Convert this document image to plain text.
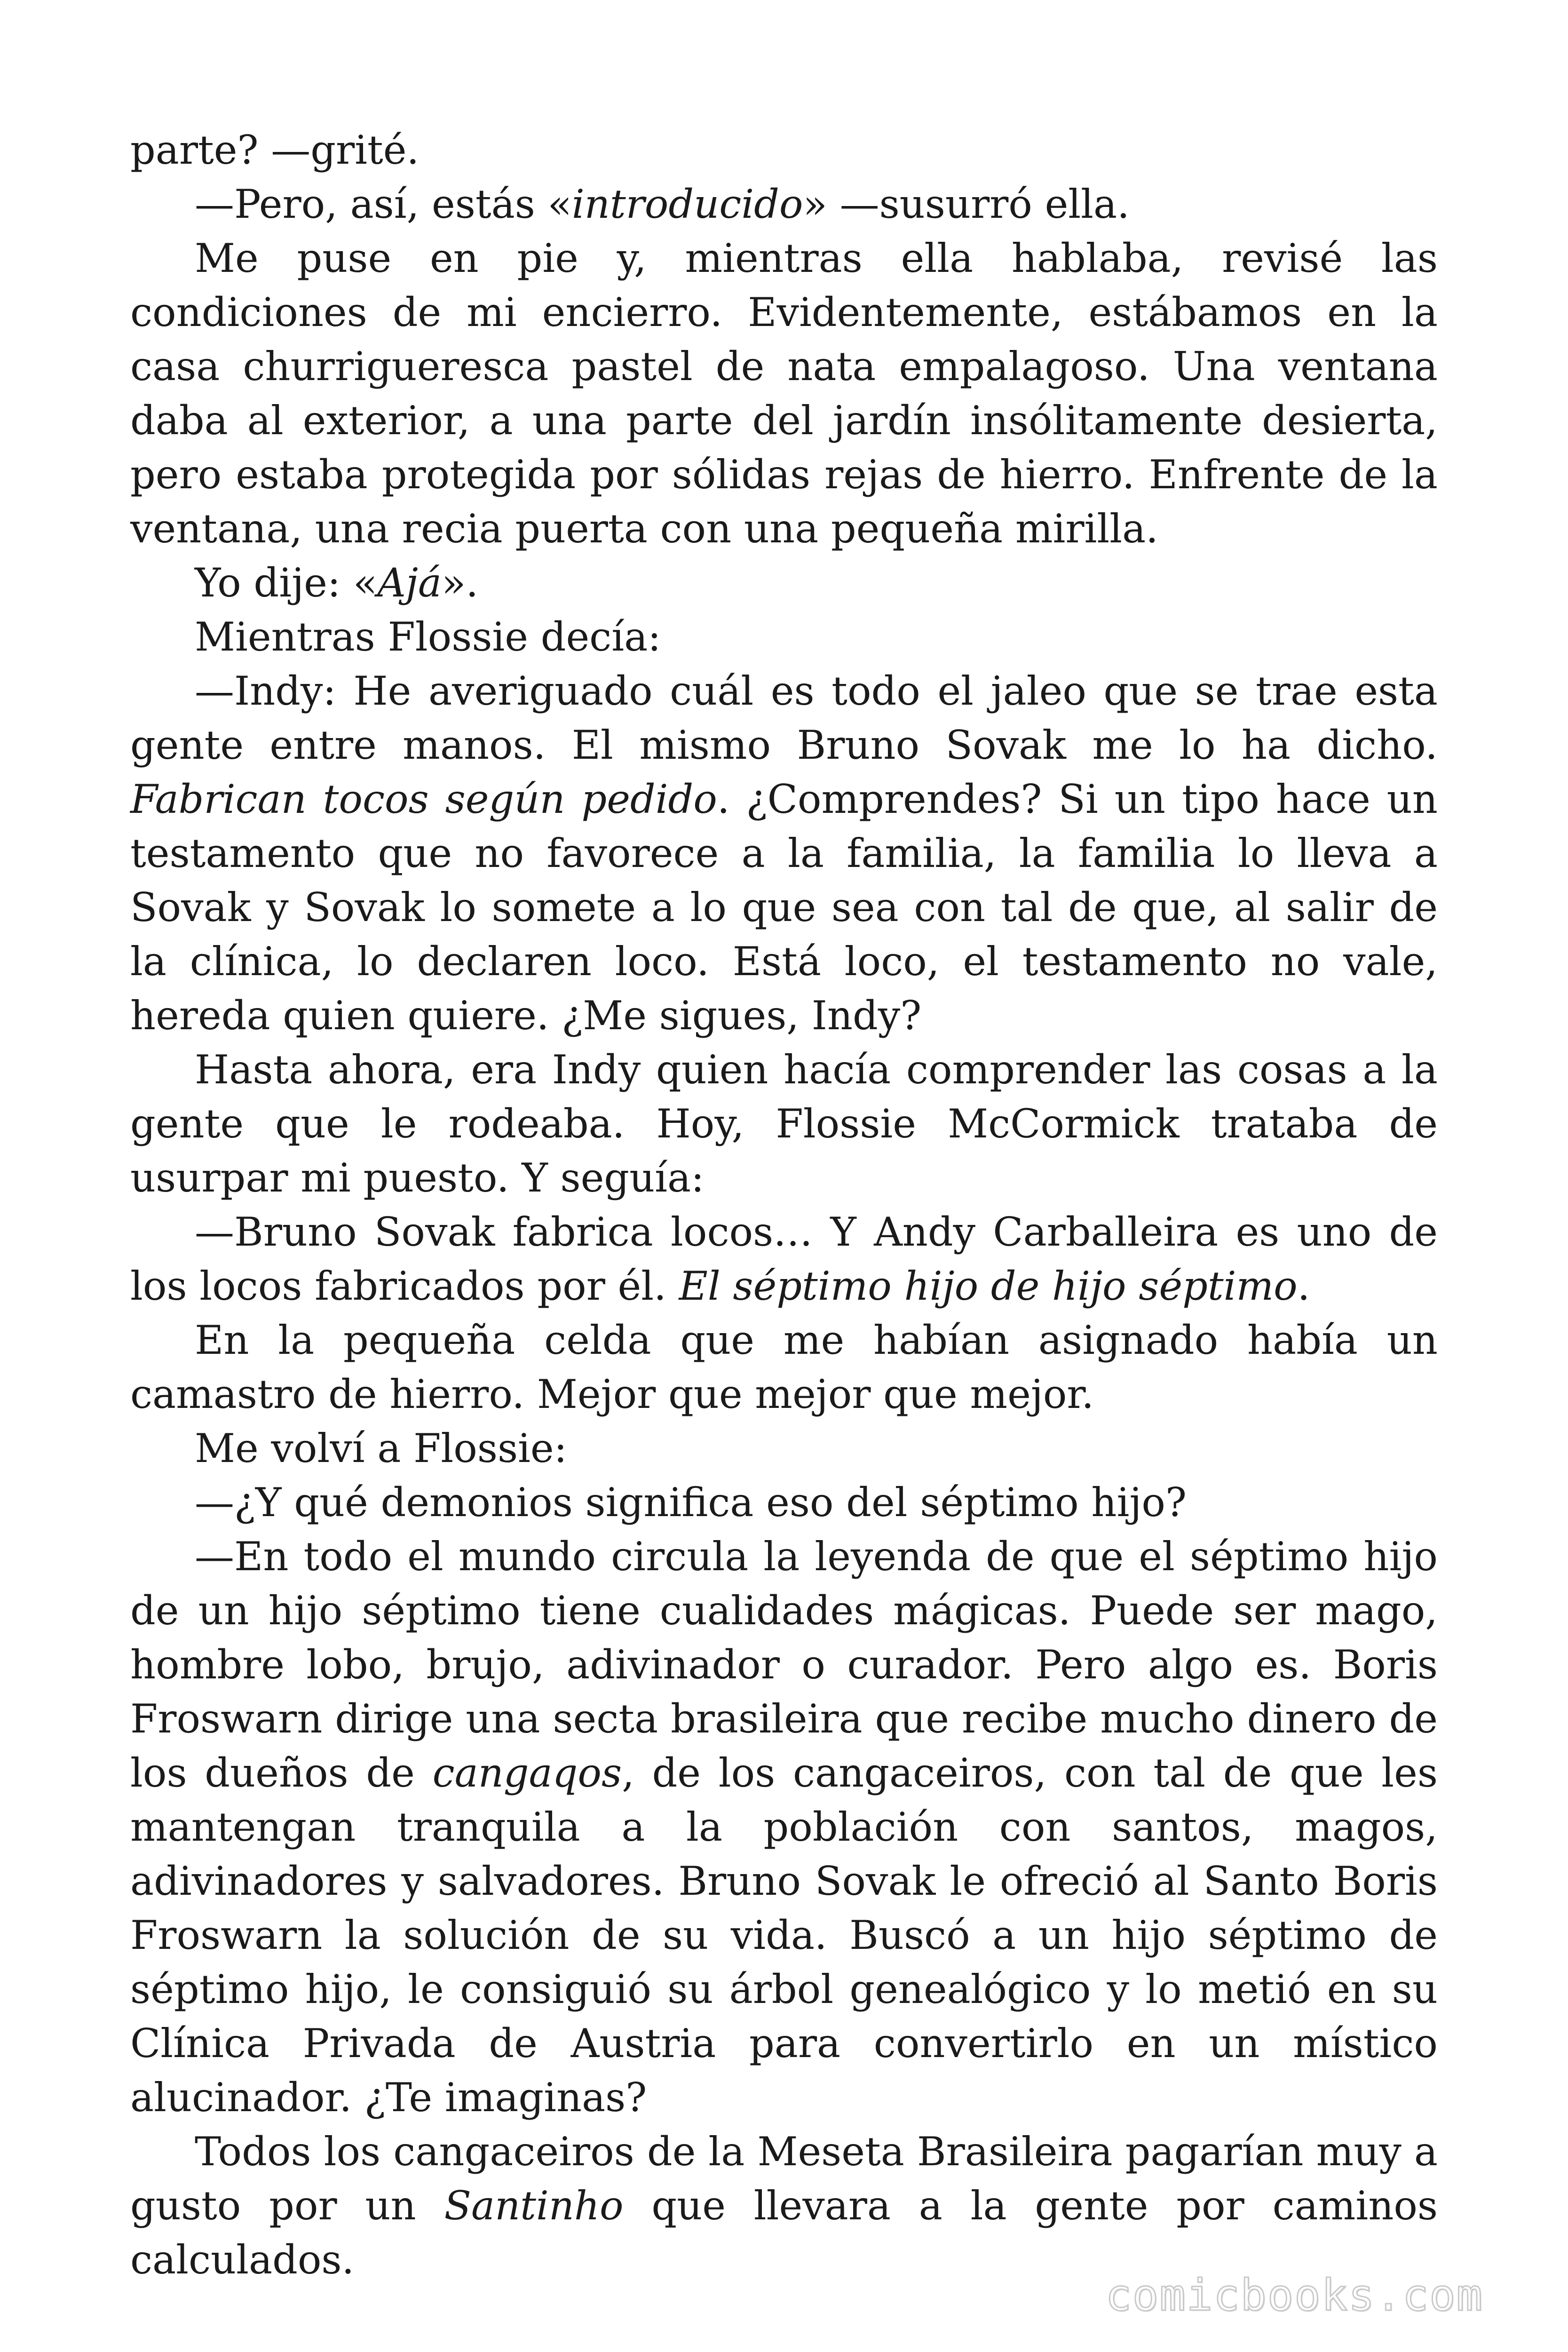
parte? —grité.

—Pero, así, estás «introducido» —susurró ella.

Me puse en pie y, mientras ella hablaba, revisé las condiciones de mi encierro. Evidentemente, estábamos en la casa churrigueresca pastel de nata empalagoso. Una ventana daba al exterior, a una parte del jardín insólitamente desierta, pero estaba protegida por sólidas rejas de hierro. Enfrente de la ventana, una recia puerta con una pequeña mirilla.

Yo dije: «Ajá».

Mientras Flossie decía:

—Indy: He averiguado cuál es todo el jaleo que se trae esta gente entre manos. El mismo Bruno Sovak me lo ha dicho. Fabrican tocos según pedido. ¿Comprendes? Si un tipo hace un testamento que no favorece a la familia, la familia lo lleva a Sovak y Sovak lo somete a lo que sea con tal de que, al salir de la clínica, lo declaren loco. Está loco, el testamento no vale, hereda quien quiere. ¿Me sigues, Indy?

Hasta ahora, era Indy quien hacía comprender las cosas a la gente que le rodeaba. Hoy, Flossie McCormick trataba de usurpar mi puesto. Y seguía:

—Bruno Sovak fabrica locos… Y Andy Carballeira es uno de los locos fabricados por él. El séptimo hijo de hijo séptimo.

En la pequeña celda que me habían asignado había un camastro de hierro. Mejor que mejor que mejor.

Me volví a Flossie:

—¿Y qué demonios significa eso del séptimo hijo?

—En todo el mundo circula la leyenda de que el séptimo hijo de un hijo séptimo tiene cualidades mágicas. Puede ser mago, hombre lobo, brujo, adivinador o curador. Pero algo es. Boris Froswarn dirige una secta brasileira que recibe mucho dinero de los dueños de cangaqos, de los cangaceiros, con tal de que les mantengan tranquila a la población con santos, magos, adivinadores y salvadores. Bruno Sovak le ofreció al Santo Boris Froswarn la solución de su vida. Buscó a un hijo séptimo de séptimo hijo, le consiguió su árbol genealógico y lo metió en su Clínica Privada de Austria para convertirlo en un místico alucinador. ¿Te imaginas?

Todos los cangaceiros de la Meseta Brasileira pagarían muy a gusto por un Santinho que llevara a la gente por caminos calculados.

comicbooks.com
